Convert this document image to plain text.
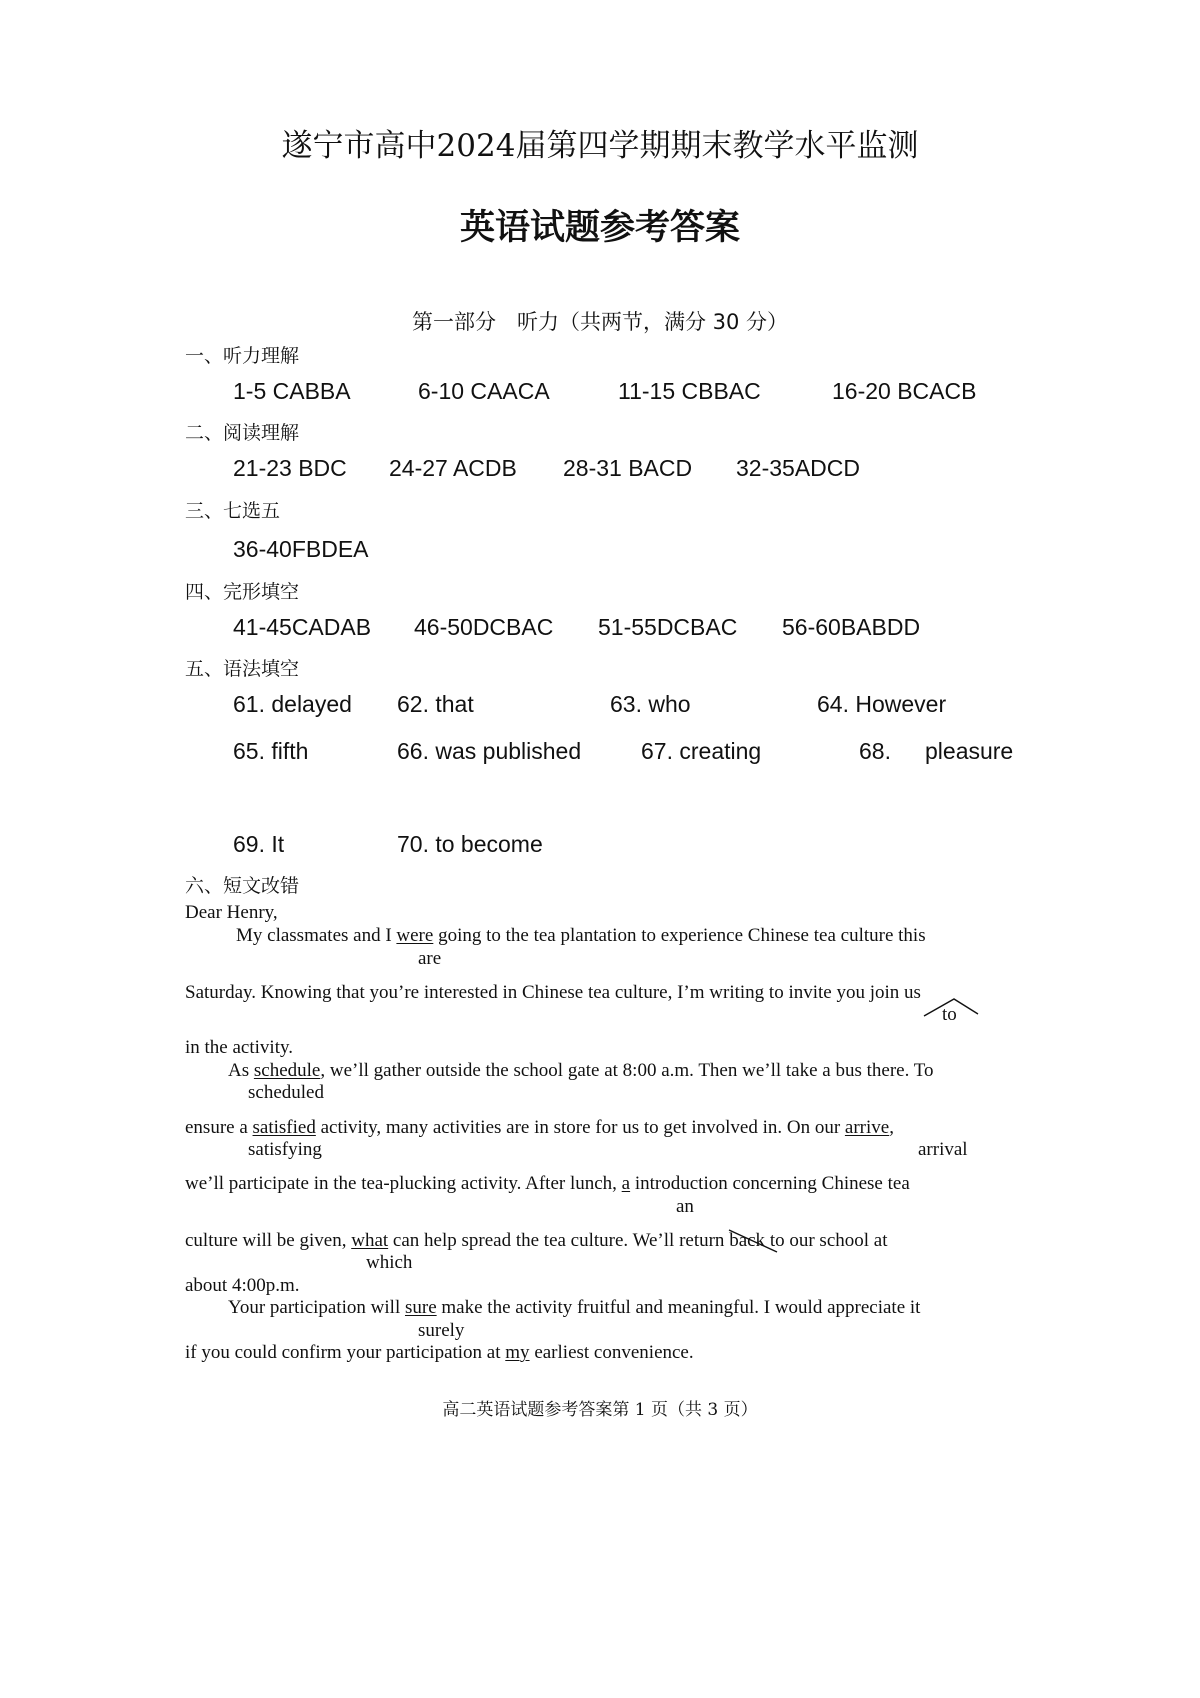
遂宁市高中2024届第四学期期末教学水平监测
英语试题参考答案
第一部分　听力（共两节，满分 30 分）
一、听力理解
1-5 CABBA	6-10 CAACA	11-15 CBBAC	16-20 BCACB
二、阅读理解
21-23 BDC 24-27 ACDB 28-31 BACD 32-35ADCD
三、七选五
36-40FBDEA
四、完形填空
41-45CADAB 46-50DCBAC 51-55DCBAC 56-60BABDD
五、语法填空
61. delayed 62. that	63. who	64. However
65. fifth	66. was published	67. creating	68. pleasure
69. It	70. to become
六、短文改错
Dear Henry,
My classmates and I were going to the tea plantation to experience Chinese tea culture this
are
Saturday. Knowing that you’re interested in Chinese tea culture, I’m writing to invite you join us
to
in the activity.
As schedule, we’ll gather outside the school gate at 8:00 a.m. Then we’ll take a bus there. To
scheduled
ensure a satisfied activity, many activities are in store for us to get involved in. On our arrive,
satisfying	arrival
we’ll participate in the tea-plucking activity. After lunch, a introduction concerning Chinese tea
an
culture will be given, what can help spread the tea culture. We’ll return back
to our school at
which
about 4:00p.m.
Your participation will sure make the activity fruitful and meaningful. I would appreciate it
surely
if you could confirm your participation at my earliest convenience.
高二英语试题参考答案第 1 页（共 3 页）
